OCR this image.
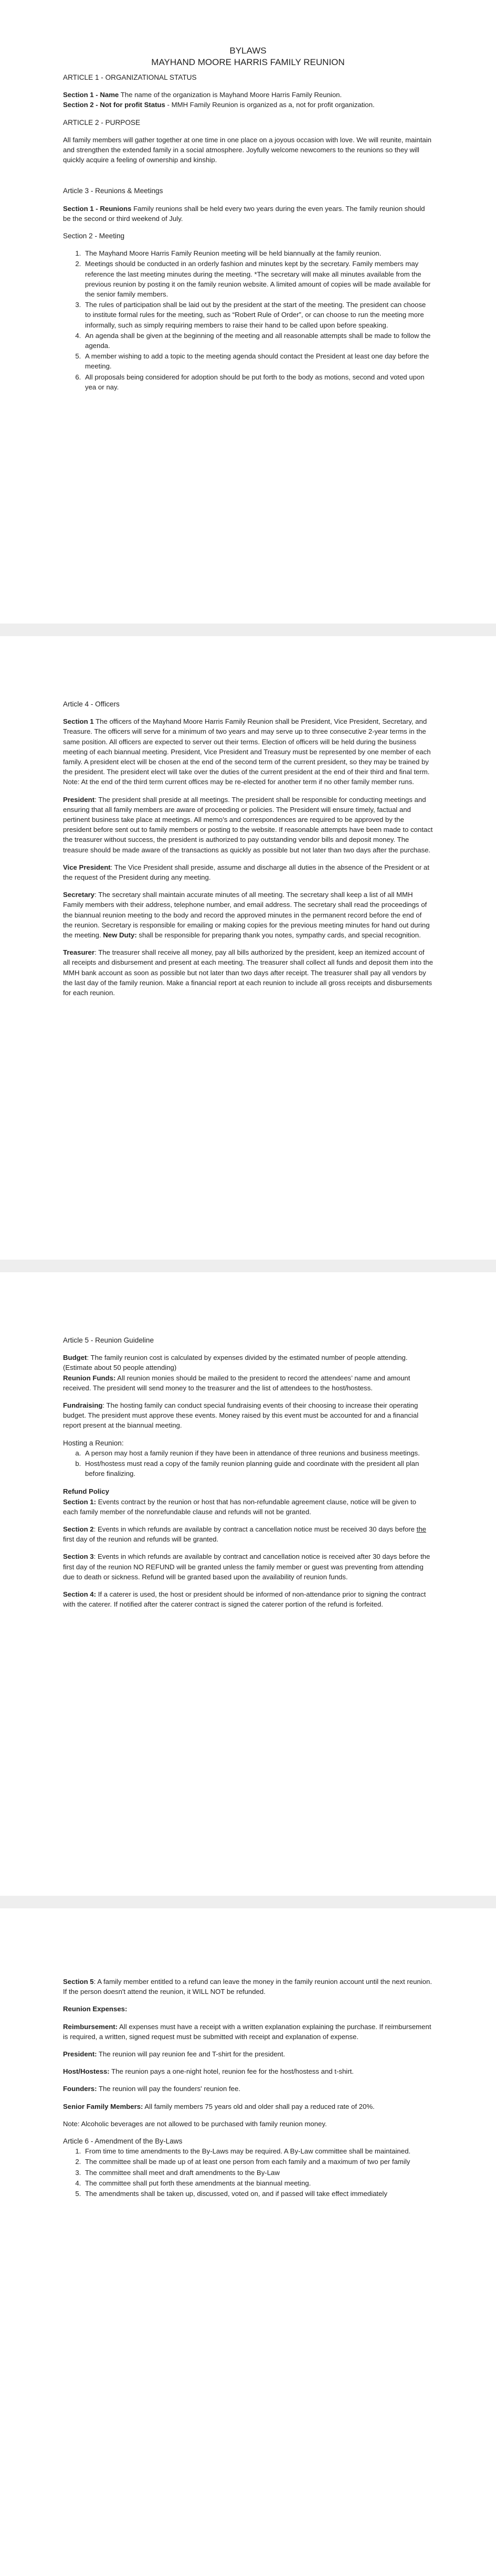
BYLAWS

MAYHAND MOORE HARRIS FAMILY REUNION

ARTICLE 1 - ORGANIZATIONAL STATUS

Section 1 - Name The name of the organization is Mayhand Moore Harris Family Reunion.

Section 2 - Not for profit Status - MMH Family Reunion is organized as a, not for profit organization.

ARTICLE 2 - PURPOSE

All family members will gather together at one time in one place on a joyous occasion with love. We will reunite, maintain and strengthen the extended family in a social atmosphere. Joyfully welcome newcomers to the reunions so they will quickly acquire a feeling of ownership and kinship.

Article 3 - Reunions & Meetings

Section 1 - Reunions Family reunions shall be held every two years during the even years. The family reunion should be the second or third weekend of July.

Section 2 - Meeting

1. The Mayhand Moore Harris Family Reunion meeting will be held biannually at the family reunion.
2. Meetings should be conducted in an orderly fashion and minutes kept by the secretary. Family members may reference the last meeting minutes during the meeting. *The secretary will make all minutes available from the previous reunion by posting it on the family reunion website. A limited amount of copies will be made available for the senior family members.
3. The rules of participation shall be laid out by the president at the start of the meeting. The president can choose to institute formal rules for the meeting, such as “Robert Rule of Order”, or can choose to run the meeting more informally, such as simply requiring members to raise their hand to be called upon before speaking.
4. An agenda shall be given at the beginning of the meeting and all reasonable attempts shall be made to follow the agenda.
5. A member wishing to add a topic to the meeting agenda should contact the President at least one day before the meeting.
6. All proposals being considered for adoption should be put forth to the body as motions, second and voted upon yea or nay.

Article 4 - Officers

Section 1 The officers of the Mayhand Moore Harris Family Reunion shall be President, Vice President, Secretary, and Treasure. The officers will serve for a minimum of two years and may serve up to three consecutive 2-year terms in the same position. All officers are expected to server out their terms. Election of officers will be held during the business meeting of each biannual meeting. President, Vice President and Treasury must be represented by one member of each family. A president elect will be chosen at the end of the second term of the current president, so they may be trained by the president. The president elect will take over the duties of the current president at the end of their third and final term. Note: At the end of the third term current offices may be re-elected for another term if no other family member runs.

President: The president shall preside at all meetings. The president shall be responsible for conducting meetings and ensuring that all family members are aware of proceeding or policies. The President will ensure timely, factual and pertinent business take place at meetings. All memo's and correspondences are required to be approved by the president before sent out to family members or posting to the website. If reasonable attempts have been made to contact the treasurer without success, the president is authorized to pay outstanding vendor bills and deposit money. The treasure should be made aware of the transactions as quickly as possible but not later than two days after the purchase.

Vice President: The Vice President shall preside, assume and discharge all duties in the absence of the President or at the request of the President during any meeting.

Secretary: The secretary shall maintain accurate minutes of all meeting. The secretary shall keep a list of all MMH Family members with their address, telephone number, and email address. The secretary shall read the proceedings of the biannual reunion meeting to the body and record the approved minutes in the permanent record before the end of the reunion. Secretary is responsible for emailing or making copies for the previous meeting minutes for hand out during the meeting. New Duty: shall be responsible for preparing thank you notes, sympathy cards, and special recognition.

Treasurer: The treasurer shall receive all money, pay all bills authorized by the president, keep an itemized account of all receipts and disbursement and present at each meeting. The treasurer shall collect all funds and deposit them into the MMH bank account as soon as possible but not later than two days after receipt. The treasurer shall pay all vendors by the last day of the family reunion. Make a financial report at each reunion to include all gross receipts and disbursements for each reunion.

Article 5 - Reunion Guideline

Budget: The family reunion cost is calculated by expenses divided by the estimated number of people attending. (Estimate about 50 people attending)

Reunion Funds: All reunion monies should be mailed to the president to record the attendees’ name and amount received. The president will send money to the treasurer and the list of attendees to the host/hostess.

Fundraising: The hosting family can conduct special fundraising events of their choosing to increase their operating budget. The president must approve these events. Money raised by this event must be accounted for and a financial report present at the biannual meeting.

Hosting a Reunion:

a. A person may host a family reunion if they have been in attendance of three reunions and business meetings.
b. Host/hostess must read a copy of the family reunion planning guide and coordinate with the president all plan before finalizing.

Refund Policy

Section 1: Events contract by the reunion or host that has non-refundable agreement clause, notice will be given to each family member of the nonrefundable clause and refunds will not be granted.

Section 2: Events in which refunds are available by contract a cancellation notice must be received 30 days before the first day of the reunion and refunds will be granted.

Section 3: Events in which refunds are available by contract and cancellation notice is received after 30 days before the first day of the reunion NO REFUND will be granted unless the family member or guest was preventing from attending due to death or sickness. Refund will be granted based upon the availability of reunion funds.

Section 4: If a caterer is used, the host or president should be informed of non-attendance prior to signing the contract with the caterer. If notified after the caterer contract is signed the caterer portion of the refund is forfeited.

Section 5: A family member entitled to a refund can leave the money in the family reunion account until the next reunion. If the person doesn't attend the reunion, it WILL NOT be refunded.

Reunion Expenses:

Reimbursement: All expenses must have a receipt with a written explanation explaining the purchase. If reimbursement is required, a written, signed request must be submitted with receipt and explanation of expense.

President: The reunion will pay reunion fee and T-shirt for the president.

Host/Hostess: The reunion pays a one-night hotel, reunion fee for the host/hostess and t-shirt.

Founders: The reunion will pay the founders' reunion fee.

Senior Family Members: All family members 75 years old and older shall pay a reduced rate of 20%.

Note: Alcoholic beverages are not allowed to be purchased with family reunion money.

Article 6 - Amendment of the By-Laws

1. From time to time amendments to the By-Laws may be required. A By-Law committee shall be maintained.
2. The committee shall be made up of at least one person from each family and a maximum of two per family
3. The committee shall meet and draft amendments to the By-Law
4. The committee shall put forth these amendments at the biannual meeting.
5. The amendments shall be taken up, discussed, voted on, and if passed will take effect immediately
